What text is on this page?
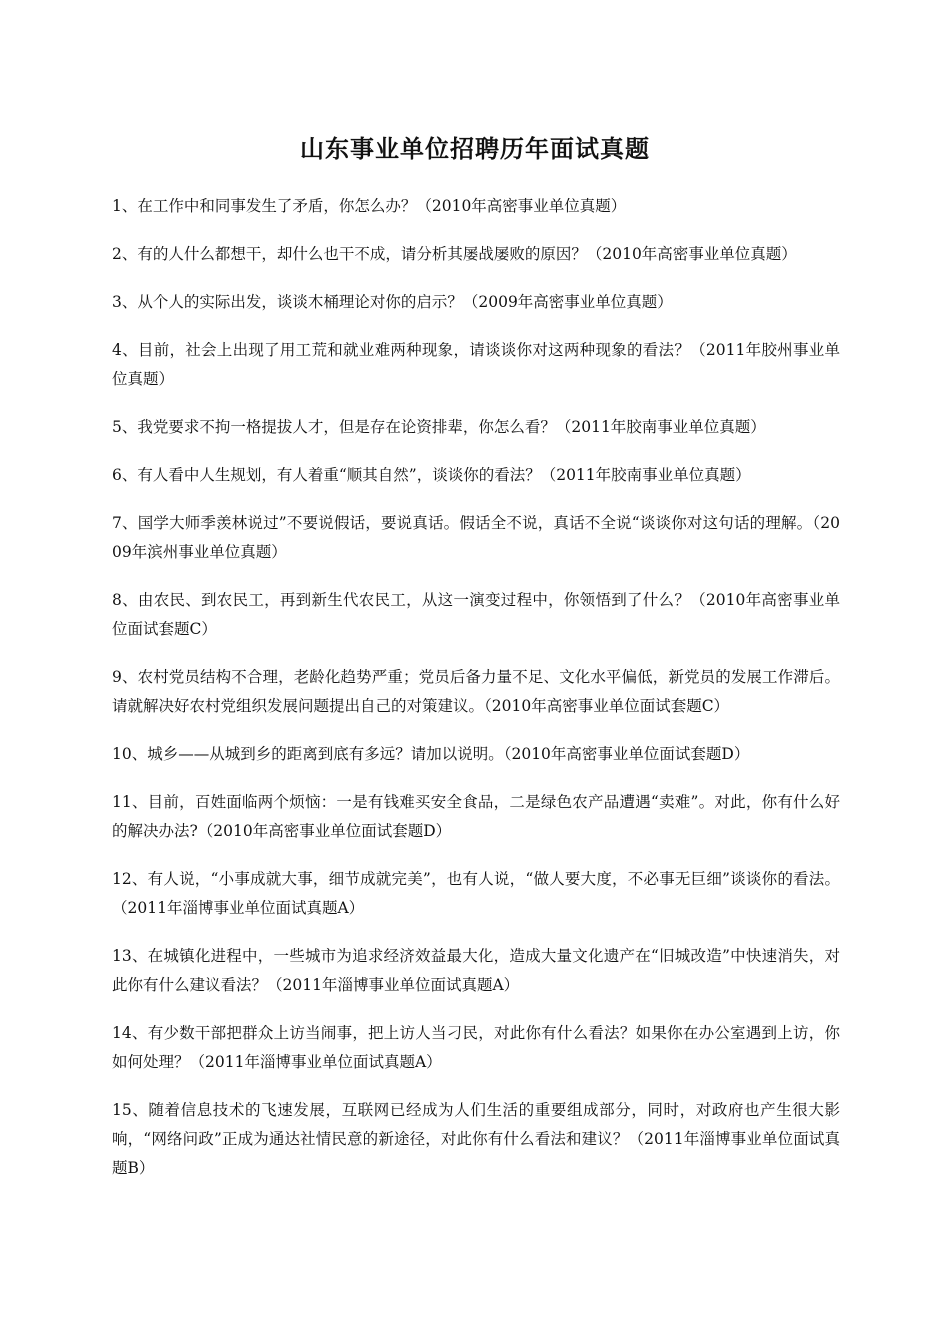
山东事业单位招聘历年面试真题

1、在工作中和同事发生了矛盾，你怎么办？（2010年高密事业单位真题）

2、有的人什么都想干，却什么也干不成，请分析其屡战屡败的原因？（2010年高密事业单位真题）

3、从个人的实际出发，谈谈木桶理论对你的启示？（2009年高密事业单位真题）

4、目前，社会上出现了用工荒和就业难两种现象，请谈谈你对这两种现象的看法？（2011年胶州事业单位真题）

5、我党要求不拘一格提拔人才，但是存在论资排辈，你怎么看？（2011年胶南事业单位真题）

6、有人看中人生规划，有人着重“顺其自然”，谈谈你的看法？（2011年胶南事业单位真题）

7、国学大师季羡林说过”不要说假话，要说真话。假话全不说，真话不全说“谈谈你对这句话的理解。（2009年滨州事业单位真题）

8、由农民、到农民工，再到新生代农民工，从这一演变过程中，你领悟到了什么？（2010年高密事业单位面试套题C）

9、农村党员结构不合理，老龄化趋势严重；党员后备力量不足、文化水平偏低，新党员的发展工作滞后。请就解决好农村党组织发展问题提出自己的对策建议。（2010年高密事业单位面试套题C）

10、城乡——从城到乡的距离到底有多远？请加以说明。（2010年高密事业单位面试套题D）

11、目前，百姓面临两个烦恼：一是有钱难买安全食品，二是绿色农产品遭遇“卖难”。对此，你有什么好的解决办法?（2010年高密事业单位面试套题D）

12、有人说，“小事成就大事，细节成就完美”，也有人说，“做人要大度，不必事无巨细”谈谈你的看法。（2011年淄博事业单位面试真题A）

13、在城镇化进程中，一些城市为追求经济效益最大化，造成大量文化遗产在“旧城改造”中快速消失，对此你有什么建议看法？（2011年淄博事业单位面试真题A）

14、有少数干部把群众上访当闹事，把上访人当刁民，对此你有什么看法？如果你在办公室遇到上访，你如何处理？（2011年淄博事业单位面试真题A）

15、随着信息技术的飞速发展，互联网已经成为人们生活的重要组成部分，同时，对政府也产生很大影响，“网络问政”正成为通达社情民意的新途径，对此你有什么看法和建议？（2011年淄博事业单位面试真题B）
